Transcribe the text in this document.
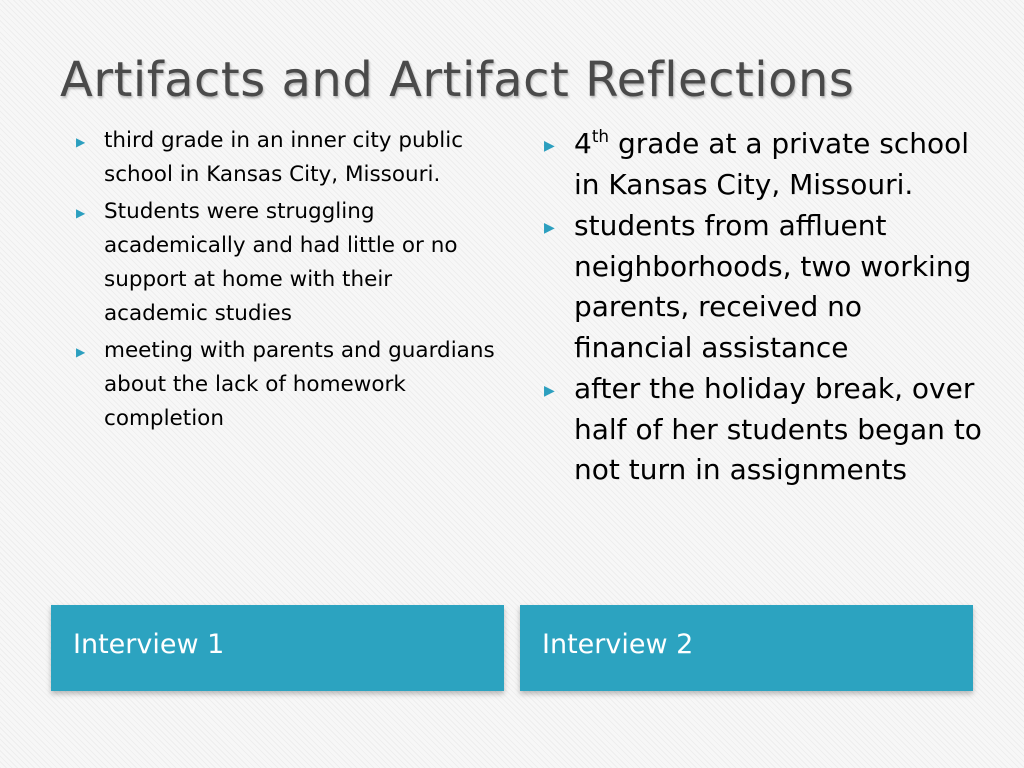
Artifacts and Artifact Reflections
▶ third grade in an inner city public school in Kansas City, Missouri.
▶ Students were struggling academically and had little or no support at home with their academic studies
▶ meeting with parents and guardians about the lack of homework completion
▶ 4th grade at a private school in Kansas City, Missouri.
▶ students from affluent neighborhoods, two working parents, received no financial assistance
▶ after the holiday break, over half of her students began to not turn in assignments
Interview 1	Interview 2
